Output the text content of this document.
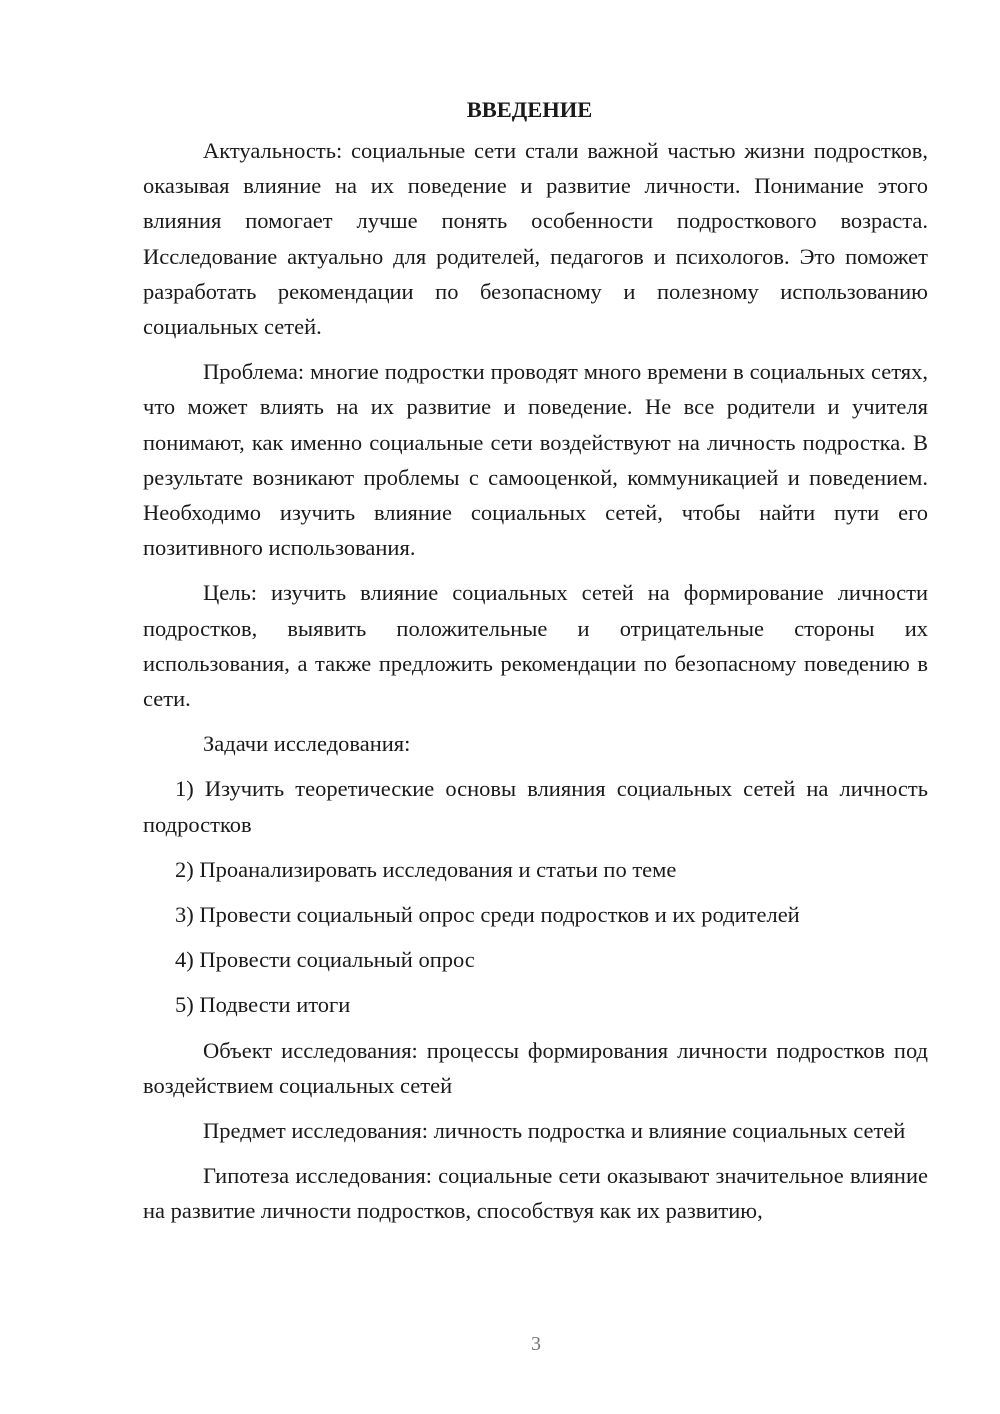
ВВЕДЕНИЕ

Актуальность: социальные сети стали важной частью жизни подростков, оказывая влияние на их поведение и развитие личности. Понимание этого влияния помогает лучше понять особенности подросткового возраста. Исследование актуально для родителей, педагогов и психологов. Это поможет разработать рекомендации по безопасному и полезному использованию социальных сетей.

Проблема: многие подростки проводят много времени в социальных сетях, что может влиять на их развитие и поведение. Не все родители и учителя понимают, как именно социальные сети воздействуют на личность подростка. В результате возникают проблемы с самооценкой, коммуникацией и поведением. Необходимо изучить влияние социальных сетей, чтобы найти пути его позитивного использования.

Цель: изучить влияние социальных сетей на формирование личности подростков, выявить положительные и отрицательные стороны их использования, а также предложить рекомендации по безопасному поведению в сети.

Задачи исследования:

1) Изучить теоретические основы влияния социальных сетей на личность подростков

2) Проанализировать исследования и статьи по теме

3) Провести социальный опрос среди подростков и их родителей

4) Провести социальный опрос

5) Подвести итоги

Объект исследования: процессы формирования личности подростков под воздействием социальных сетей

Предмет исследования: личность подростка и влияние социальных сетей

Гипотеза исследования: социальные сети оказывают значительное влияние на развитие личности подростков, способствуя как их развитию,

3
